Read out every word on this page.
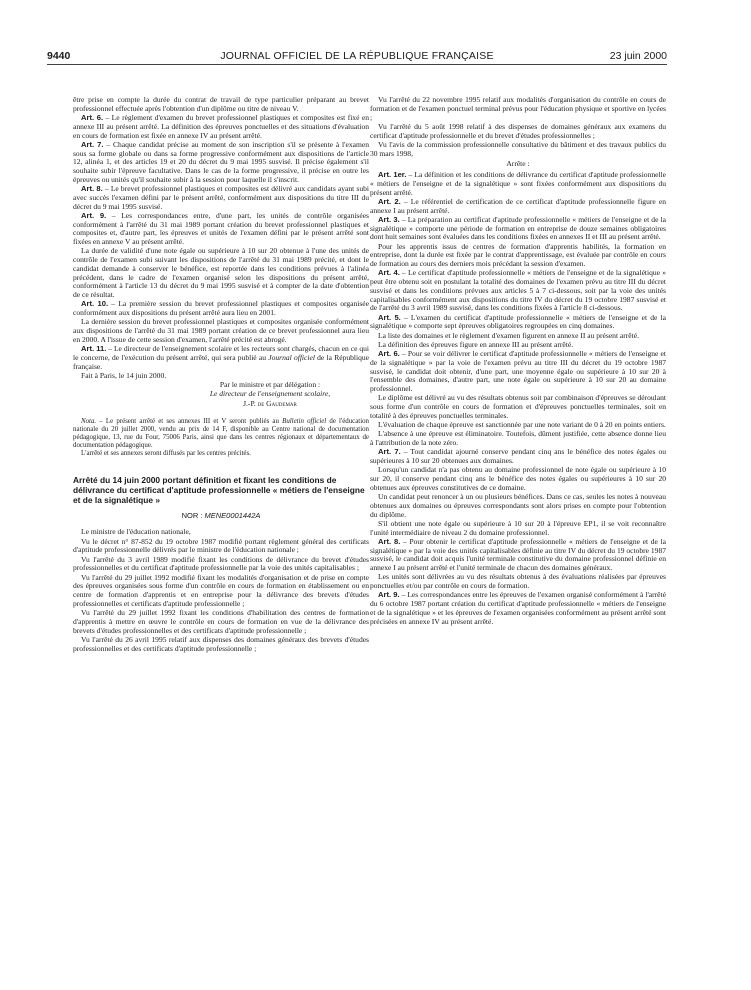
9440	JOURNAL OFFICIEL DE LA RÉPUBLIQUE FRANÇAISE	23 juin 2000

être prise en compte la durée du contrat de travail de type particulier préparant au brevet professionnel effectuée après l'obtention d'un diplôme ou titre de niveau V.

Art. 6. – Le règlement d'examen du brevet professionnel plastiques et composites est fixé en annexe III au présent arrêté. La définition des épreuves ponctuelles et des situations d'évaluation en cours de formation est fixée en annexe IV au présent arrêté.

Art. 7. – Chaque candidat précise au moment de son inscription s'il se présente à l'examen sous sa forme globale ou dans sa forme progressive conformément aux dispositions de l'article 12, alinéa 1, et des articles 19 et 20 du décret du 9 mai 1995 susvisé. Il précise également s'il souhaite subir l'épreuve facultative. Dans le cas de la forme progressive, il précise en outre les épreuves ou unités qu'il souhaite subir à la session pour laquelle il s'inscrit.

Art. 8. – Le brevet professionnel plastiques et composites est délivré aux candidats ayant subi avec succès l'examen défini par le présent arrêté, conformément aux dispositions du titre III du décret du 9 mai 1995 susvisé.

Art. 9. – Les correspondances entre, d'une part, les unités de contrôle organisées conformément à l'arrêté du 31 mai 1989 portant création du brevet professionnel plastiques et composites et, d'autre part, les épreuves et unités de l'examen défini par le présent arrêté sont fixées en annexe V au présent arrêté.

La durée de validité d'une note égale ou supérieure à 10 sur 20 obtenue à l'une des unités de contrôle de l'examen subi suivant les dispositions de l'arrêté du 31 mai 1989 précité, et dont le candidat demande à conserver le bénéfice, est reportée dans les conditions prévues à l'alinéa précédent, dans le cadre de l'examen organisé selon les dispositions du présent arrêté, conformément à l'article 13 du décret du 9 mai 1995 susvisé et à compter de la date d'obtention de ce résultat.

Art. 10. – La première session du brevet professionnel plastiques et composites organisée conformément aux dispositions du présent arrêté aura lieu en 2001.

La dernière session du brevet professionnel plastiques et composites organisée conformément aux dispositions de l'arrêté du 31 mai 1989 portant création de ce brevet professionnel aura lieu en 2000. A l'issue de cette session d'examen, l'arrêté précité est abrogé.

Art. 11. – Le directeur de l'enseignement scolaire et les recteurs sont chargés, chacun en ce qui le concerne, de l'exécution du présent arrêté, qui sera publié au Journal officiel de la République française.

Fait à Paris, le 14 juin 2000.

Par le ministre et par délégation :

Le directeur de l'enseignement scolaire,

J.-P. de Gaudemar

Nota. – Le présent arrêté et ses annexes III et V seront publiés au Bulletin officiel de l'éducation nationale du 20 juillet 2000, vendu au prix de 14 F, disponible au Centre national de documentation pédagogique, 13, rue du Four, 75006 Paris, ainsi que dans les centres régionaux et départementaux de documentation pédagogique.

L'arrêté et ses annexes seront diffusés par les centres précités.

Arrêté du 14 juin 2000 portant définition et fixant les conditions de délivrance du certificat d'aptitude professionnelle « métiers de l'enseigne et de la signalétique »
NOR : MENE0001442A

Le ministre de l'éducation nationale,

Vu le décret n° 87-852 du 19 octobre 1987 modifié portant règlement général des certificats d'aptitude professionnelle délivrés par le ministre de l'éducation nationale ;

Vu l'arrêté du 3 avril 1989 modifié fixant les conditions de délivrance du brevet d'études professionnelles et du certificat d'aptitude professionnelle par la voie des unités capitalisables ;

Vu l'arrêté du 29 juillet 1992 modifié fixant les modalités d'organisation et de prise en compte des épreuves organisées sous forme d'un contrôle en cours de formation en établissement ou en centre de formation d'apprentis et en entreprise pour la délivrance des brevets d'études professionnelles et certificats d'aptitude professionnelle ;

Vu l'arrêté du 29 juillet 1992 fixant les conditions d'habilitation des centres de formation d'apprentis à mettre en œuvre le contrôle en cours de formation en vue de la délivrance des brevets d'études professionnelles et des certificats d'aptitude professionnelle ;

Vu l'arrêté du 26 avril 1995 relatif aux dispenses des domaines généraux des brevets d'études professionnelles et des certificats d'aptitude professionnelle ;

Vu l'arrêté du 22 novembre 1995 relatif aux modalités d'organisation du contrôle en cours de formation et de l'examen ponctuel terminal prévus pour l'éducation physique et sportive en lycées ;

Vu l'arrêté du 5 août 1998 relatif à des dispenses de domaines généraux aux examens du certificat d'aptitude professionnelle et du brevet d'études professionnelles ;

Vu l'avis de la commission professionnelle consultative du bâtiment et des travaux publics du 30 mars 1998,

Arrête :

Art. 1er. – La définition et les conditions de délivrance du certificat d'aptitude professionnelle « métiers de l'enseigne et de la signalétique » sont fixées conformément aux dispositions du présent arrêté.

Art. 2. – Le référentiel de certification de ce certificat d'aptitude professionnelle figure en annexe I au présent arrêté.

Art. 3. – La préparation au certificat d'aptitude professionnelle « métiers de l'enseigne et de la signalétique » comporte une période de formation en entreprise de douze semaines obligatoires dont huit semaines sont évaluées dans les conditions fixées en annexes II et III au présent arrêté.

Pour les apprentis issus de centres de formation d'apprentis habilités, la formation en entreprise, dont la durée est fixée par le contrat d'apprentissage, est évaluée par contrôle en cours de formation au cours des derniers mois précédant la session d'examen.

Art. 4. – Le certificat d'aptitude professionnelle « métiers de l'enseigne et de la signalétique » peut être obtenu soit en postulant la totalité des domaines de l'examen prévu au titre III du décret susvisé et dans les conditions prévues aux articles 5 à 7 ci-dessous, soit par la voie des unités capitalisables conformément aux dispositions du titre IV du décret du 19 octobre 1987 susvisé et de l'arrêté du 3 avril 1989 susvisé, dans les conditions fixées à l'article 8 ci-dessous.

Art. 5. – L'examen du certificat d'aptitude professionnelle « métiers de l'enseigne et de la signalétique » comporte sept épreuves obligatoires regroupées en cinq domaines.

La liste des domaines et le règlement d'examen figurent en annexe II au présent arrêté.

La définition des épreuves figure en annexe III au présent arrêté.

Art. 6. – Pour se voir délivrer le certificat d'aptitude professionnelle « métiers de l'enseigne et de la signalétique » par la voie de l'examen prévu au titre III du décret du 19 octobre 1987 susvisé, le candidat doit obtenir, d'une part, une moyenne égale ou supérieure à 10 sur 20 à l'ensemble des domaines, d'autre part, une note égale ou supérieure à 10 sur 20 au domaine professionnel.

Le diplôme est délivré au vu des résultats obtenus soit par combinaison d'épreuves se déroulant sous forme d'un contrôle en cours de formation et d'épreuves ponctuelles terminales, soit en totalité à des épreuves ponctuelles terminales.

L'évaluation de chaque épreuve est sanctionnée par une note variant de 0 à 20 en points entiers.

L'absence à une épreuve est éliminatoire. Toutefois, dûment justifiée, cette absence donne lieu à l'attribution de la note zéro.

Art. 7. – Tout candidat ajourné conserve pendant cinq ans le bénéfice des notes égales ou supérieures à 10 sur 20 obtenues aux domaines.

Lorsqu'un candidat n'a pas obtenu au domaine professionnel de note égale ou supérieure à 10 sur 20, il conserve pendant cinq ans le bénéfice des notes égales ou supérieures à 10 sur 20 obtenues aux épreuves constitutives de ce domaine.

Un candidat peut renoncer à un ou plusieurs bénéfices. Dans ce cas, seules les notes à nouveau obtenues aux domaines ou épreuves correspondants sont alors prises en compte pour l'obtention du diplôme.

S'il obtient une note égale ou supérieure à 10 sur 20 à l'épreuve EP1, il se voit reconnaître l'unité intermédiaire de niveau 2 du domaine professionnel.

Art. 8. – Pour obtenir le certificat d'aptitude professionnelle « métiers de l'enseigne et de la signalétique » par la voie des unités capitalisables définie au titre IV du décret du 19 octobre 1987 susvisé, le candidat doit acquis l'unité terminale constitutive du domaine professionnel définie en annexe I au présent arrêté et l'unité terminale de chacun des domaines généraux.

Les unités sont délivrées au vu des résultats obtenus à des évaluations réalisées par épreuves ponctuelles et/ou par contrôle en cours de formation.

Art. 9. – Les correspondances entre les épreuves de l'examen organisé conformément à l'arrêté du 6 octobre 1987 portant création du certificat d'aptitude professionnelle « métiers de l'enseigne et de la signalétique » et les épreuves de l'examen organisées conformément au présent arrêté sont précisées en annexe IV au présent arrêté.
